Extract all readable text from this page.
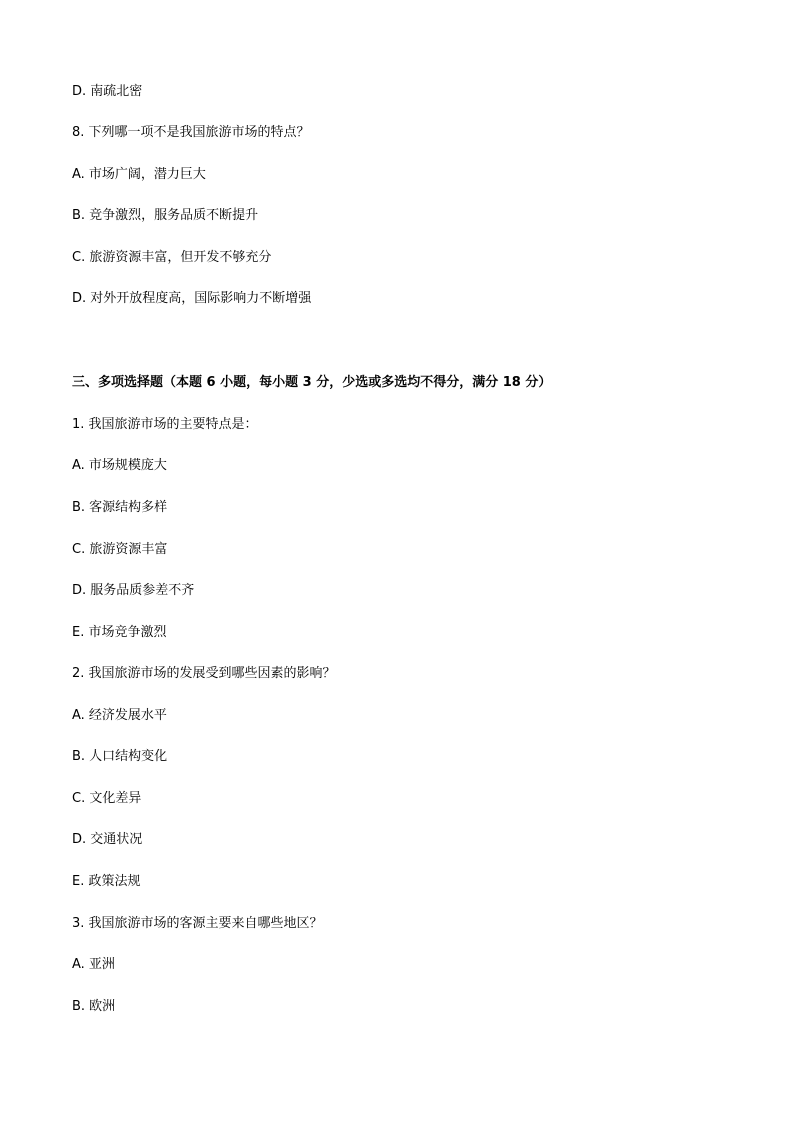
D. 南疏北密
8. 下列哪一项不是我国旅游市场的特点？
A. 市场广阔，潜力巨大
B. 竞争激烈，服务品质不断提升
C. 旅游资源丰富，但开发不够充分
D. 对外开放程度高，国际影响力不断增强
三、多项选择题（本题 6 小题，每小题 3 分，少选或多选均不得分，满分 18 分）
1. 我国旅游市场的主要特点是：
A. 市场规模庞大
B. 客源结构多样
C. 旅游资源丰富
D. 服务品质参差不齐
E. 市场竞争激烈
2. 我国旅游市场的发展受到哪些因素的影响？
A. 经济发展水平
B. 人口结构变化
C. 文化差异
D. 交通状况
E. 政策法规
3. 我国旅游市场的客源主要来自哪些地区？
A. 亚洲
B. 欧洲
